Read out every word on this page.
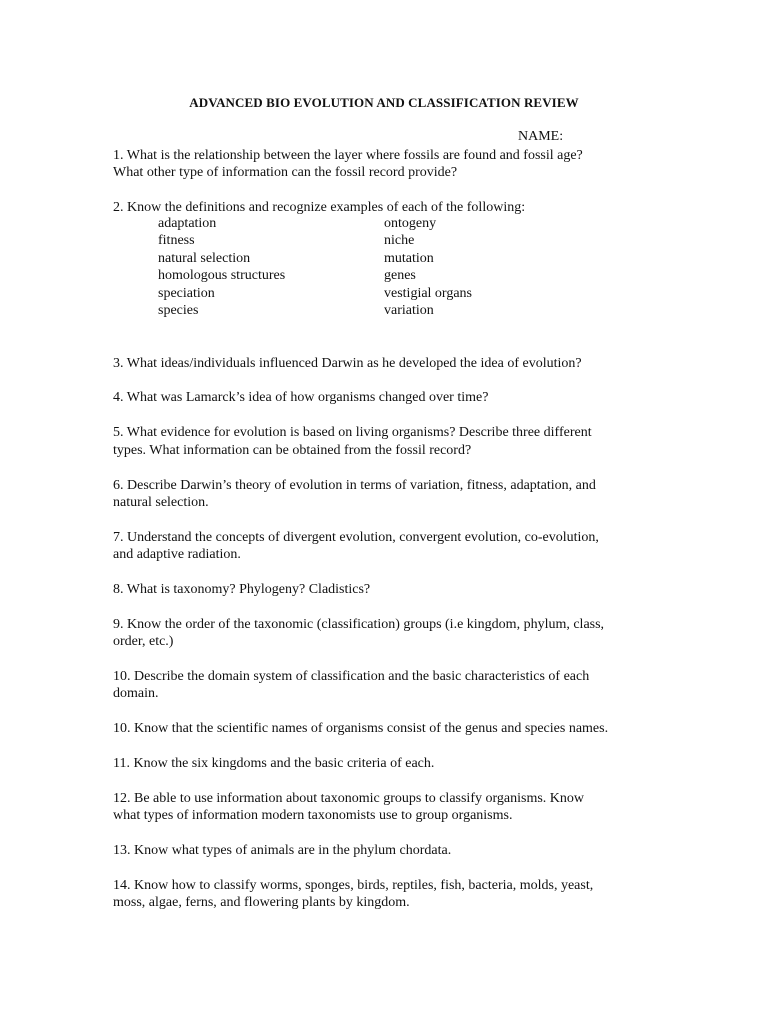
ADVANCED BIO EVOLUTION AND CLASSIFICATION REVIEW
NAME:
1. What is the relationship between the layer where fossils are found and fossil age?
What other type of information can the fossil record provide?
2. Know the definitions and recognize examples of each of the following:
adaptation
fitness
natural selection
homologous structures
speciation
species
ontogeny
niche
mutation
genes
vestigial organs
variation
3. What ideas/individuals influenced Darwin as he developed the idea of evolution?
4. What was Lamarck’s idea of how organisms changed over time?
5. What evidence for evolution is based on living organisms? Describe three different
types. What information can be obtained from the fossil record?
6. Describe Darwin’s theory of evolution in terms of variation, fitness, adaptation, and
natural selection.
7. Understand the concepts of divergent evolution, convergent evolution, co-evolution,
and adaptive radiation.
8. What is taxonomy? Phylogeny? Cladistics?
9. Know the order of the taxonomic (classification) groups (i.e kingdom, phylum, class,
order, etc.)
10. Describe the domain system of classification and the basic characteristics of each
domain.
10. Know that the scientific names of organisms consist of the genus and species names.
11. Know the six kingdoms and the basic criteria of each.
12. Be able to use information about taxonomic groups to classify organisms. Know
what types of information modern taxonomists use to group organisms.
13. Know what types of animals are in the phylum chordata.
14. Know how to classify worms, sponges, birds, reptiles, fish, bacteria, molds, yeast,
moss, algae, ferns, and flowering plants by kingdom.
